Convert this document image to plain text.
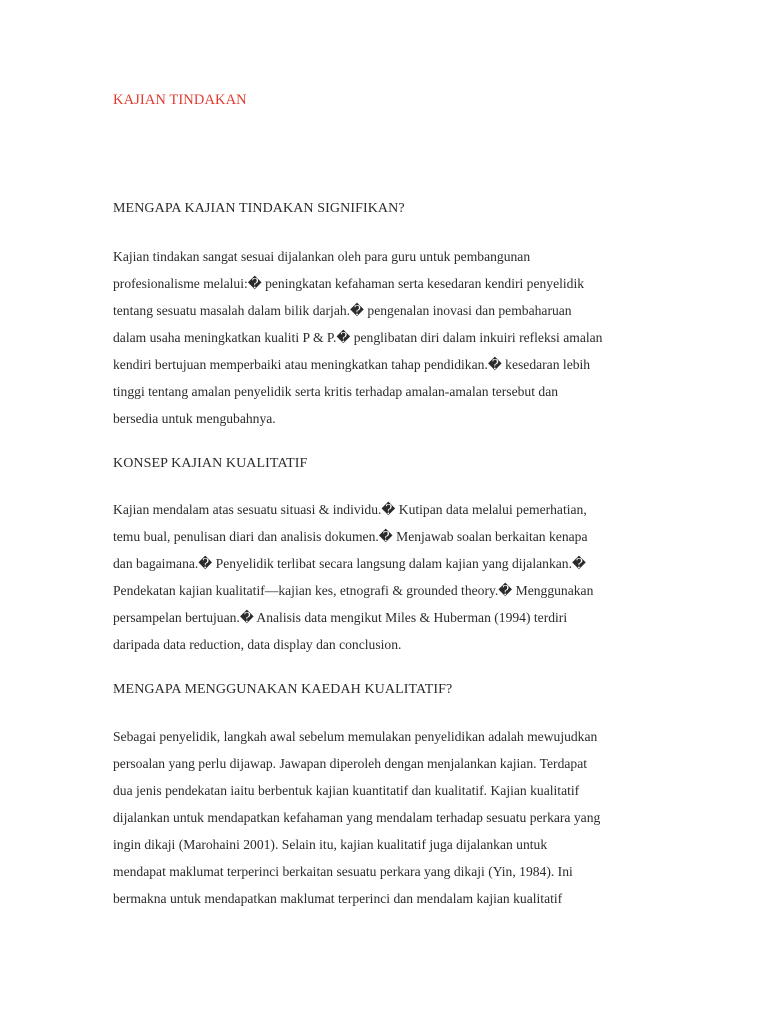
KAJIAN TINDAKAN
MENGAPA KAJIAN TINDAKAN SIGNIFIKAN?
Kajian tindakan sangat sesuai dijalankan oleh para guru untuk pembangunan
profesionalisme melalui:� peningkatan kefahaman serta kesedaran kendiri penyelidik
tentang sesuatu masalah dalam bilik darjah.� pengenalan inovasi dan pembaharuan
dalam usaha meningkatkan kualiti P & P.� penglibatan diri dalam inkuiri refleksi amalan
kendiri bertujuan memperbaiki atau meningkatkan tahap pendidikan.� kesedaran lebih
tinggi tentang amalan penyelidik serta kritis terhadap amalan-amalan tersebut dan
bersedia untuk mengubahnya.
KONSEP KAJIAN KUALITATIF
Kajian mendalam atas sesuatu situasi & individu.� Kutipan data melalui pemerhatian,
temu bual, penulisan diari dan analisis dokumen.� Menjawab soalan berkaitan kenapa
dan bagaimana.� Penyelidik terlibat secara langsung dalam kajian yang dijalankan.�
Pendekatan kajian kualitatif—kajian kes, etnografi & grounded theory.� Menggunakan
persampelan bertujuan.� Analisis data mengikut Miles & Huberman (1994) terdiri
daripada data reduction, data display dan conclusion.
MENGAPA MENGGUNAKAN KAEDAH KUALITATIF?
Sebagai penyelidik, langkah awal sebelum memulakan penyelidikan adalah mewujudkan
persoalan yang perlu dijawap. Jawapan diperoleh dengan menjalankan kajian. Terdapat
dua jenis pendekatan iaitu berbentuk kajian kuantitatif dan kualitatif. Kajian kualitatif
dijalankan untuk mendapatkan kefahaman yang mendalam terhadap sesuatu perkara yang
ingin dikaji (Marohaini 2001). Selain itu, kajian kualitatif juga dijalankan untuk
mendapat maklumat terperinci berkaitan sesuatu perkara yang dikaji (Yin, 1984). Ini
bermakna untuk mendapatkan maklumat terperinci dan mendalam kajian kualitatif
